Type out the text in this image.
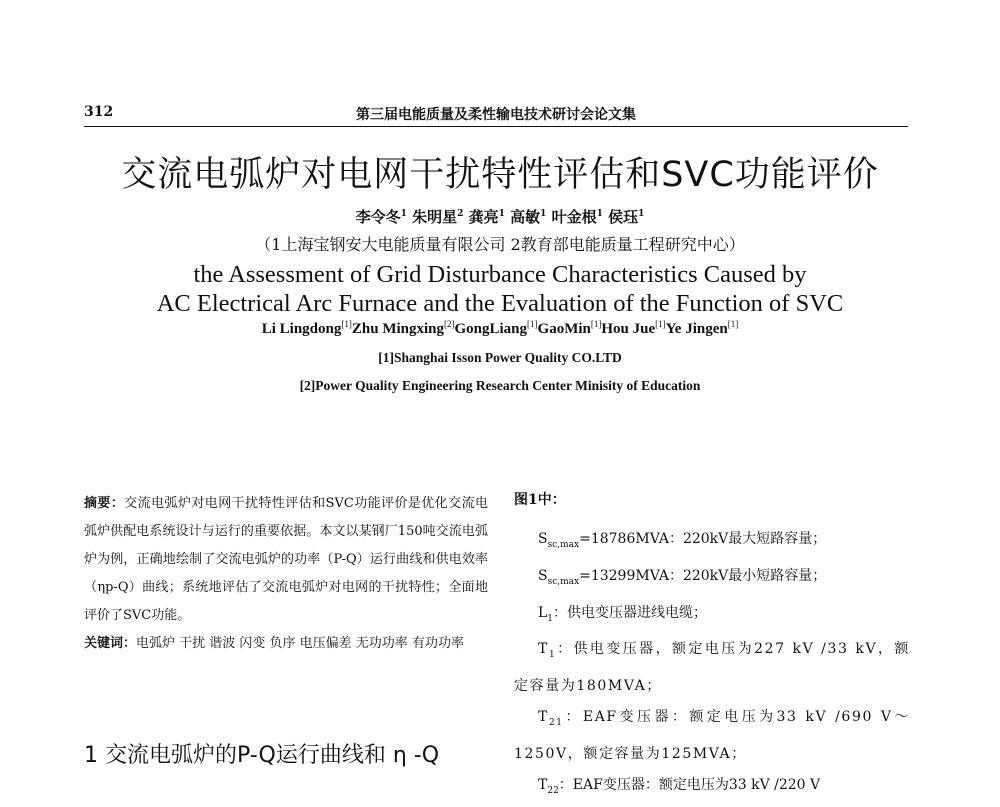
312	第三届电能质量及柔性输电技术研讨会论文集
交流电弧炉对电网干扰特性评估和SVC功能评价
李令冬$^1$ 朱明星$^2$ 龚亮$^1$ 高敏$^1$ 叶金根$^1$ 侯珏$^1$
（1上海宝钢安大电能质量有限公司 2教育部电能质量工程研究中心）
the Assessment of Grid Disturbance Characteristics Caused by
AC Electrical Arc Furnace and the Evaluation of the Function of SVC
Li Lingdong[1]Zhu Mingxing[2]GongLiang[1]GaoMin[1]Hou Jue[1]Ye Jingen[1]
[1]Shanghai Isson Power Quality CO.LTD
[2]Power Quality Engineering Research Center Minisity of Education

摘要：交流电弧炉对电网干扰特性评估和SVC功能评价是优化交流电弧炉供配电系统设计与运行的重要依据。本文以某钢厂150吨交流电弧炉为例，正确地绘制了交流电弧炉的功率（P-Q）运行曲线和供电效率（ηp-Q）曲线；系统地评估了交流电弧炉对电网的干扰特性；全面地评价了SVC功能。

关键词：电弧炉 干扰 谐波 闪变 负序 电压偏差 无功功率 有功功率

1 交流电弧炉的P-Q运行曲线和 η -Q

图1中：

$S_{sc,max}=18786MVA$：220kV最大短路容量；

$S_{sc,max}=13299MVA$：220kV最小短路容量；

$L_1$：供电变压器进线电缆；

$T_1$：供电变压器，额定电压为227 kV /33 kV，额定容量为180MVA；

$T_{21}$：EAF变压器：额定电压为33 kV /690 V～1250V，额定容量为125MVA；

$T_{22}$：EAF变压器：额定电压为33 kV /220 V
